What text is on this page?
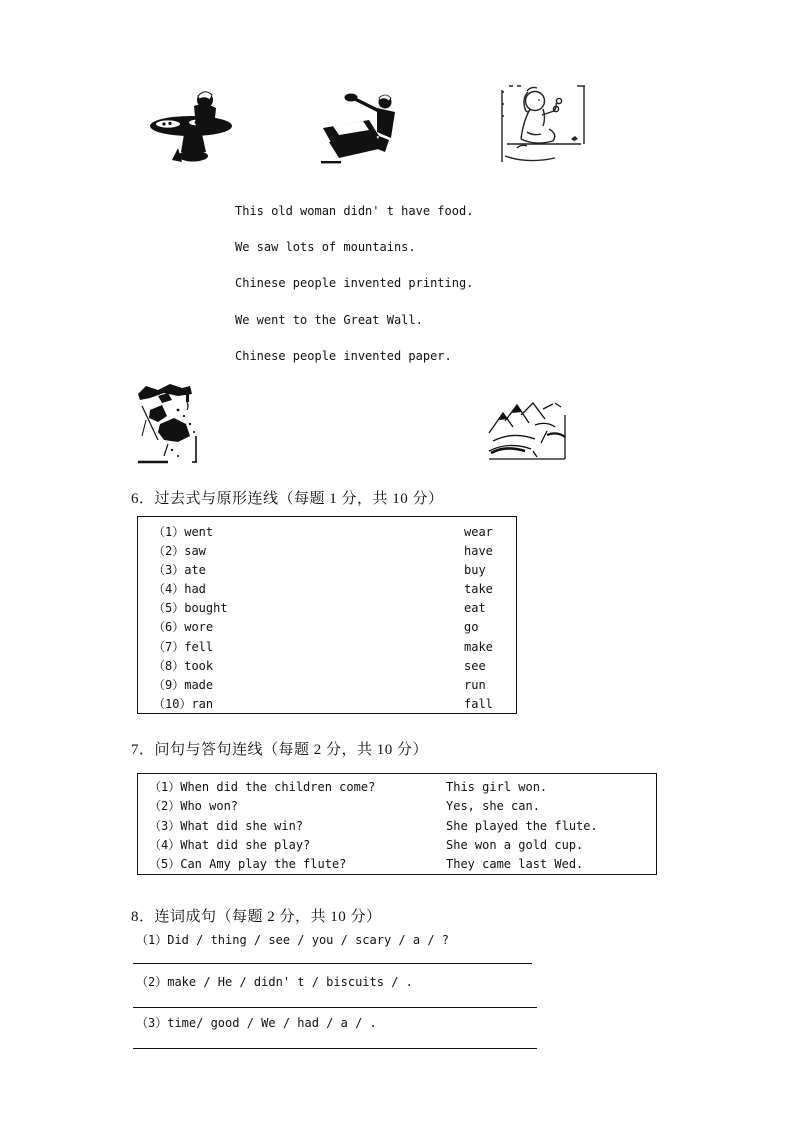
This old woman didn' t have food.
We saw lots of mountains.
Chinese people invented printing.
We went to the Great Wall.
Chinese people invented paper.
6．过去式与原形连线（每题 1 分，共 10 分）
（1）went	wear
（2）saw	have
（3）ate	buy
（4）had	take
（5）bought	eat
（6）wore	go
（7）fell	make
（8）took	see
（9）made	run
（10）ran	fall
7．问句与答句连线（每题 2 分，共 10 分）
（1）When did the children come?	This girl won.
（2）Who won?	Yes, she can.
（3）What did she win?	She played the flute.
（4）What did she play?	She won a gold cup.
（5）Can Amy play the flute?	They came last Wed.
8．连词成句（每题 2 分，共 10 分）
（1）Did / thing / see / you / scary / a / ?
（2）make / He / didn' t / biscuits / .
（3）time/ good / We / had / a / .
